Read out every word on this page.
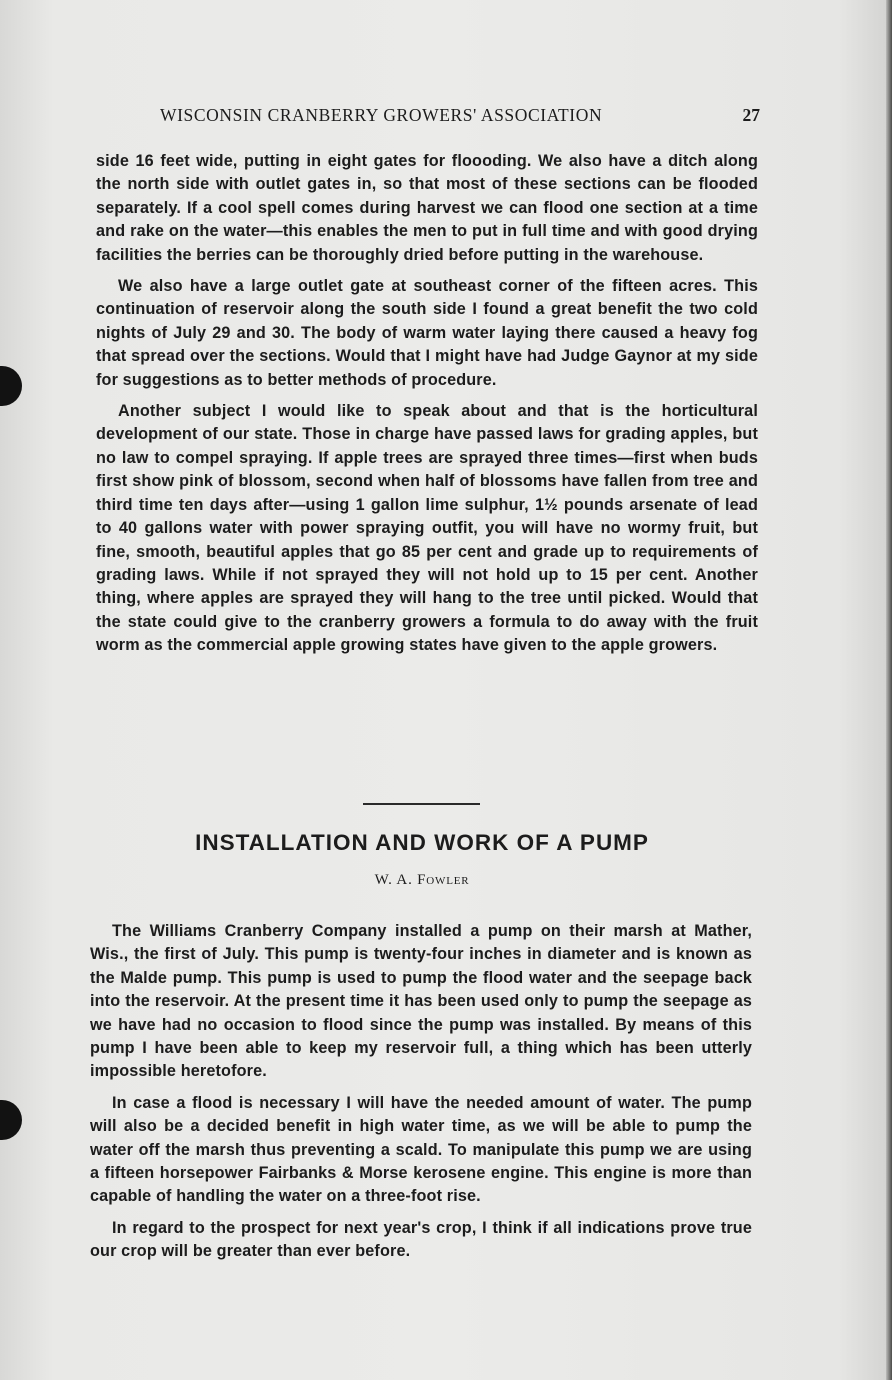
WISCONSIN CRANBERRY GROWERS' ASSOCIATION	27

side 16 feet wide, putting in eight gates for floooding. We also have a ditch along the north side with outlet gates in, so that most of these sections can be flooded separately. If a cool spell comes during harvest we can flood one section at a time and rake on the water—this enables the men to put in full time and with good drying facilities the berries can be thoroughly dried before putting in the warehouse.

We also have a large outlet gate at southeast corner of the fifteen acres. This continuation of reservoir along the south side I found a great benefit the two cold nights of July 29 and 30. The body of warm water laying there caused a heavy fog that spread over the sections. Would that I might have had Judge Gaynor at my side for suggestions as to better methods of procedure.

Another subject I would like to speak about and that is the horticultural development of our state. Those in charge have passed laws for grading apples, but no law to compel spraying. If apple trees are sprayed three times—first when buds first show pink of blossom, second when half of blossoms have fallen from tree and third time ten days after—using 1 gallon lime sulphur, 1½ pounds arsenate of lead to 40 gallons water with power spraying outfit, you will have no wormy fruit, but fine, smooth, beautiful apples that go 85 per cent and grade up to requirements of grading laws. While if not sprayed they will not hold up to 15 per cent. Another thing, where apples are sprayed they will hang to the tree until picked. Would that the state could give to the cranberry growers a formula to do away with the fruit worm as the commercial apple growing states have given to the apple growers.

INSTALLATION AND WORK OF A PUMP
W. A. Fowler

The Williams Cranberry Company installed a pump on their marsh at Mather, Wis., the first of July. This pump is twenty-four inches in diameter and is known as the Malde pump. This pump is used to pump the flood water and the seepage back into the reservoir. At the present time it has been used only to pump the seepage as we have had no occasion to flood since the pump was installed. By means of this pump I have been able to keep my reservoir full, a thing which has been utterly impossible heretofore.

In case a flood is necessary I will have the needed amount of water. The pump will also be a decided benefit in high water time, as we will be able to pump the water off the marsh thus preventing a scald. To manipulate this pump we are using a fifteen horsepower Fairbanks & Morse kerosene engine. This engine is more than capable of handling the water on a three-foot rise.

In regard to the prospect for next year's crop, I think if all indications prove true our crop will be greater than ever before.
